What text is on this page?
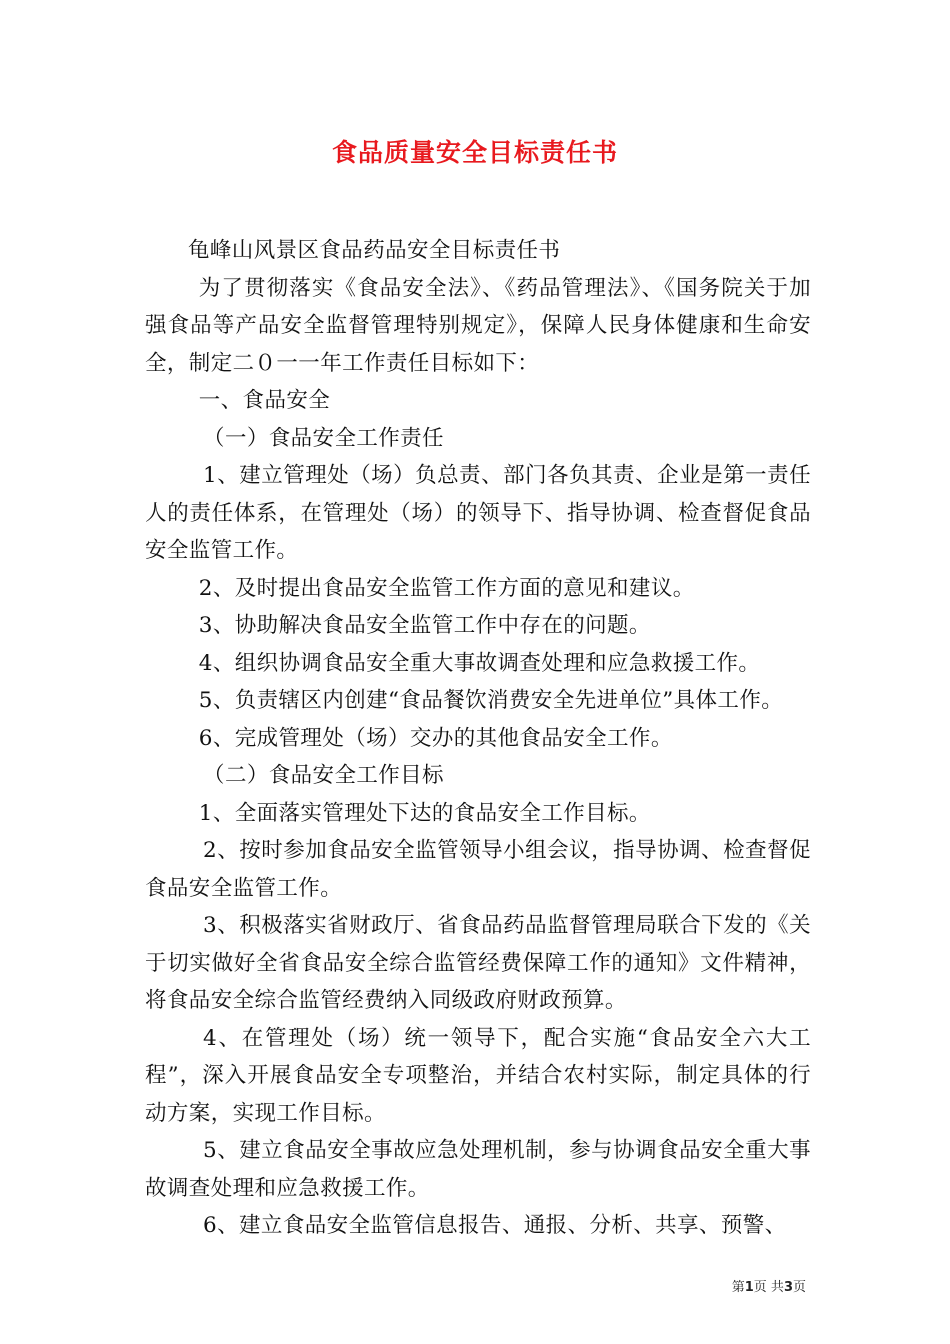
食品质量安全目标责任书

龟峰山风景区食品药品安全目标责任书

为了贯彻落实《食品安全法》、《药品管理法》、《国务院关于加强食品等产品安全监督管理特别规定》，保障人民身体健康和生命安全，制定二０一一年工作责任目标如下：

一、食品安全

（一）食品安全工作责任

1、建立管理处（场）负总责、部门各负其责、企业是第一责任人的责任体系，在管理处（场）的领导下、指导协调、检查督促食品安全监管工作。

2、及时提出食品安全监管工作方面的意见和建议。

3、协助解决食品安全监管工作中存在的问题。

4、组织协调食品安全重大事故调查处理和应急救援工作。

5、负责辖区内创建“食品餐饮消费安全先进单位”具体工作。

6、完成管理处（场）交办的其他食品安全工作。

（二）食品安全工作目标

1、全面落实管理处下达的食品安全工作目标。

2、按时参加食品安全监管领导小组会议，指导协调、检查督促食品安全监管工作。

3、积极落实省财政厅、省食品药品监督管理局联合下发的《关于切实做好全省食品安全综合监管经费保障工作的通知》文件精神，将食品安全综合监管经费纳入同级政府财政预算。

4、在管理处（场）统一领导下，配合实施“食品安全六大工程”，深入开展食品安全专项整治，并结合农村实际，制定具体的行动方案，实现工作目标。

5、建立食品安全事故应急处理机制，参与协调食品安全重大事故调查处理和应急救援工作。

6、建立食品安全监管信息报告、通报、分析、共享、预警、

第1页 共3页
